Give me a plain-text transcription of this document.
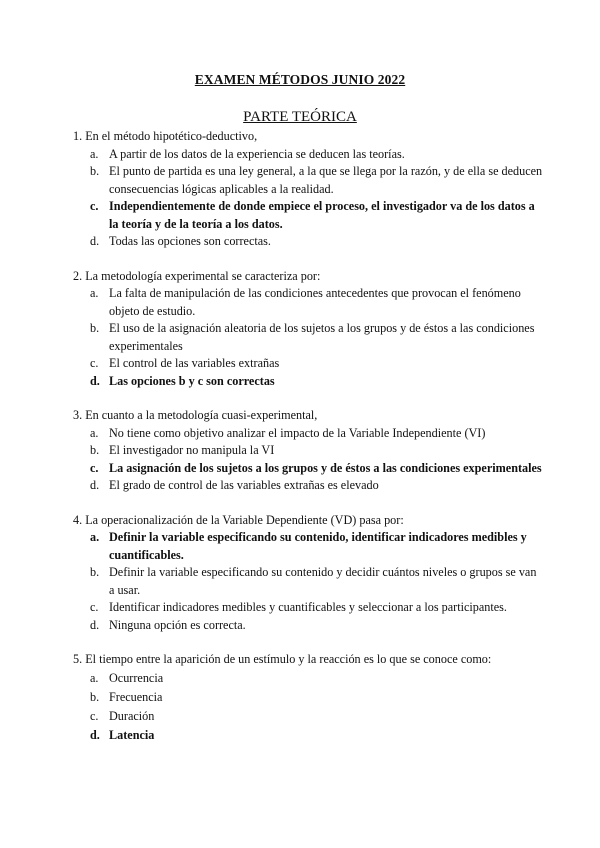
EXAMEN MÉTODOS JUNIO 2022
PARTE TEÓRICA

1. En el método hipotético-deductivo,

a. A partir de los datos de la experiencia se deducen las teorías.
b. El punto de partida es una ley general, a la que se llega por la razón, y de ella se deducen consecuencias lógicas aplicables a la realidad.
c. Independientemente de donde empiece el proceso, el investigador va de los datos a la teoría y de la teoría a los datos.
d. Todas las opciones son correctas.

2. La metodología experimental se caracteriza por:

a. La falta de manipulación de las condiciones antecedentes que provocan el fenómeno objeto de estudio.
b. El uso de la asignación aleatoria de los sujetos a los grupos y de éstos a las condiciones experimentales
c. El control de las variables extrañas
d. Las opciones b y c son correctas

3. En cuanto a la metodología cuasi-experimental,

a. No tiene como objetivo analizar el impacto de la Variable Independiente (VI)
b. El investigador no manipula la VI
c. La asignación de los sujetos a los grupos y de éstos a las condiciones experimentales
d. El grado de control de las variables extrañas es elevado

4. La operacionalización de la Variable Dependiente (VD) pasa por:

a. Definir la variable especificando su contenido, identificar indicadores medibles y cuantificables.
b. Definir la variable especificando su contenido y decidir cuántos niveles o grupos se van a usar.
c. Identificar indicadores medibles y cuantificables y seleccionar a los participantes.
d. Ninguna opción es correcta.

5. El tiempo entre la aparición de un estímulo y la reacción es lo que se conoce como:

a. Ocurrencia
b. Frecuencia
c. Duración
d. Latencia
